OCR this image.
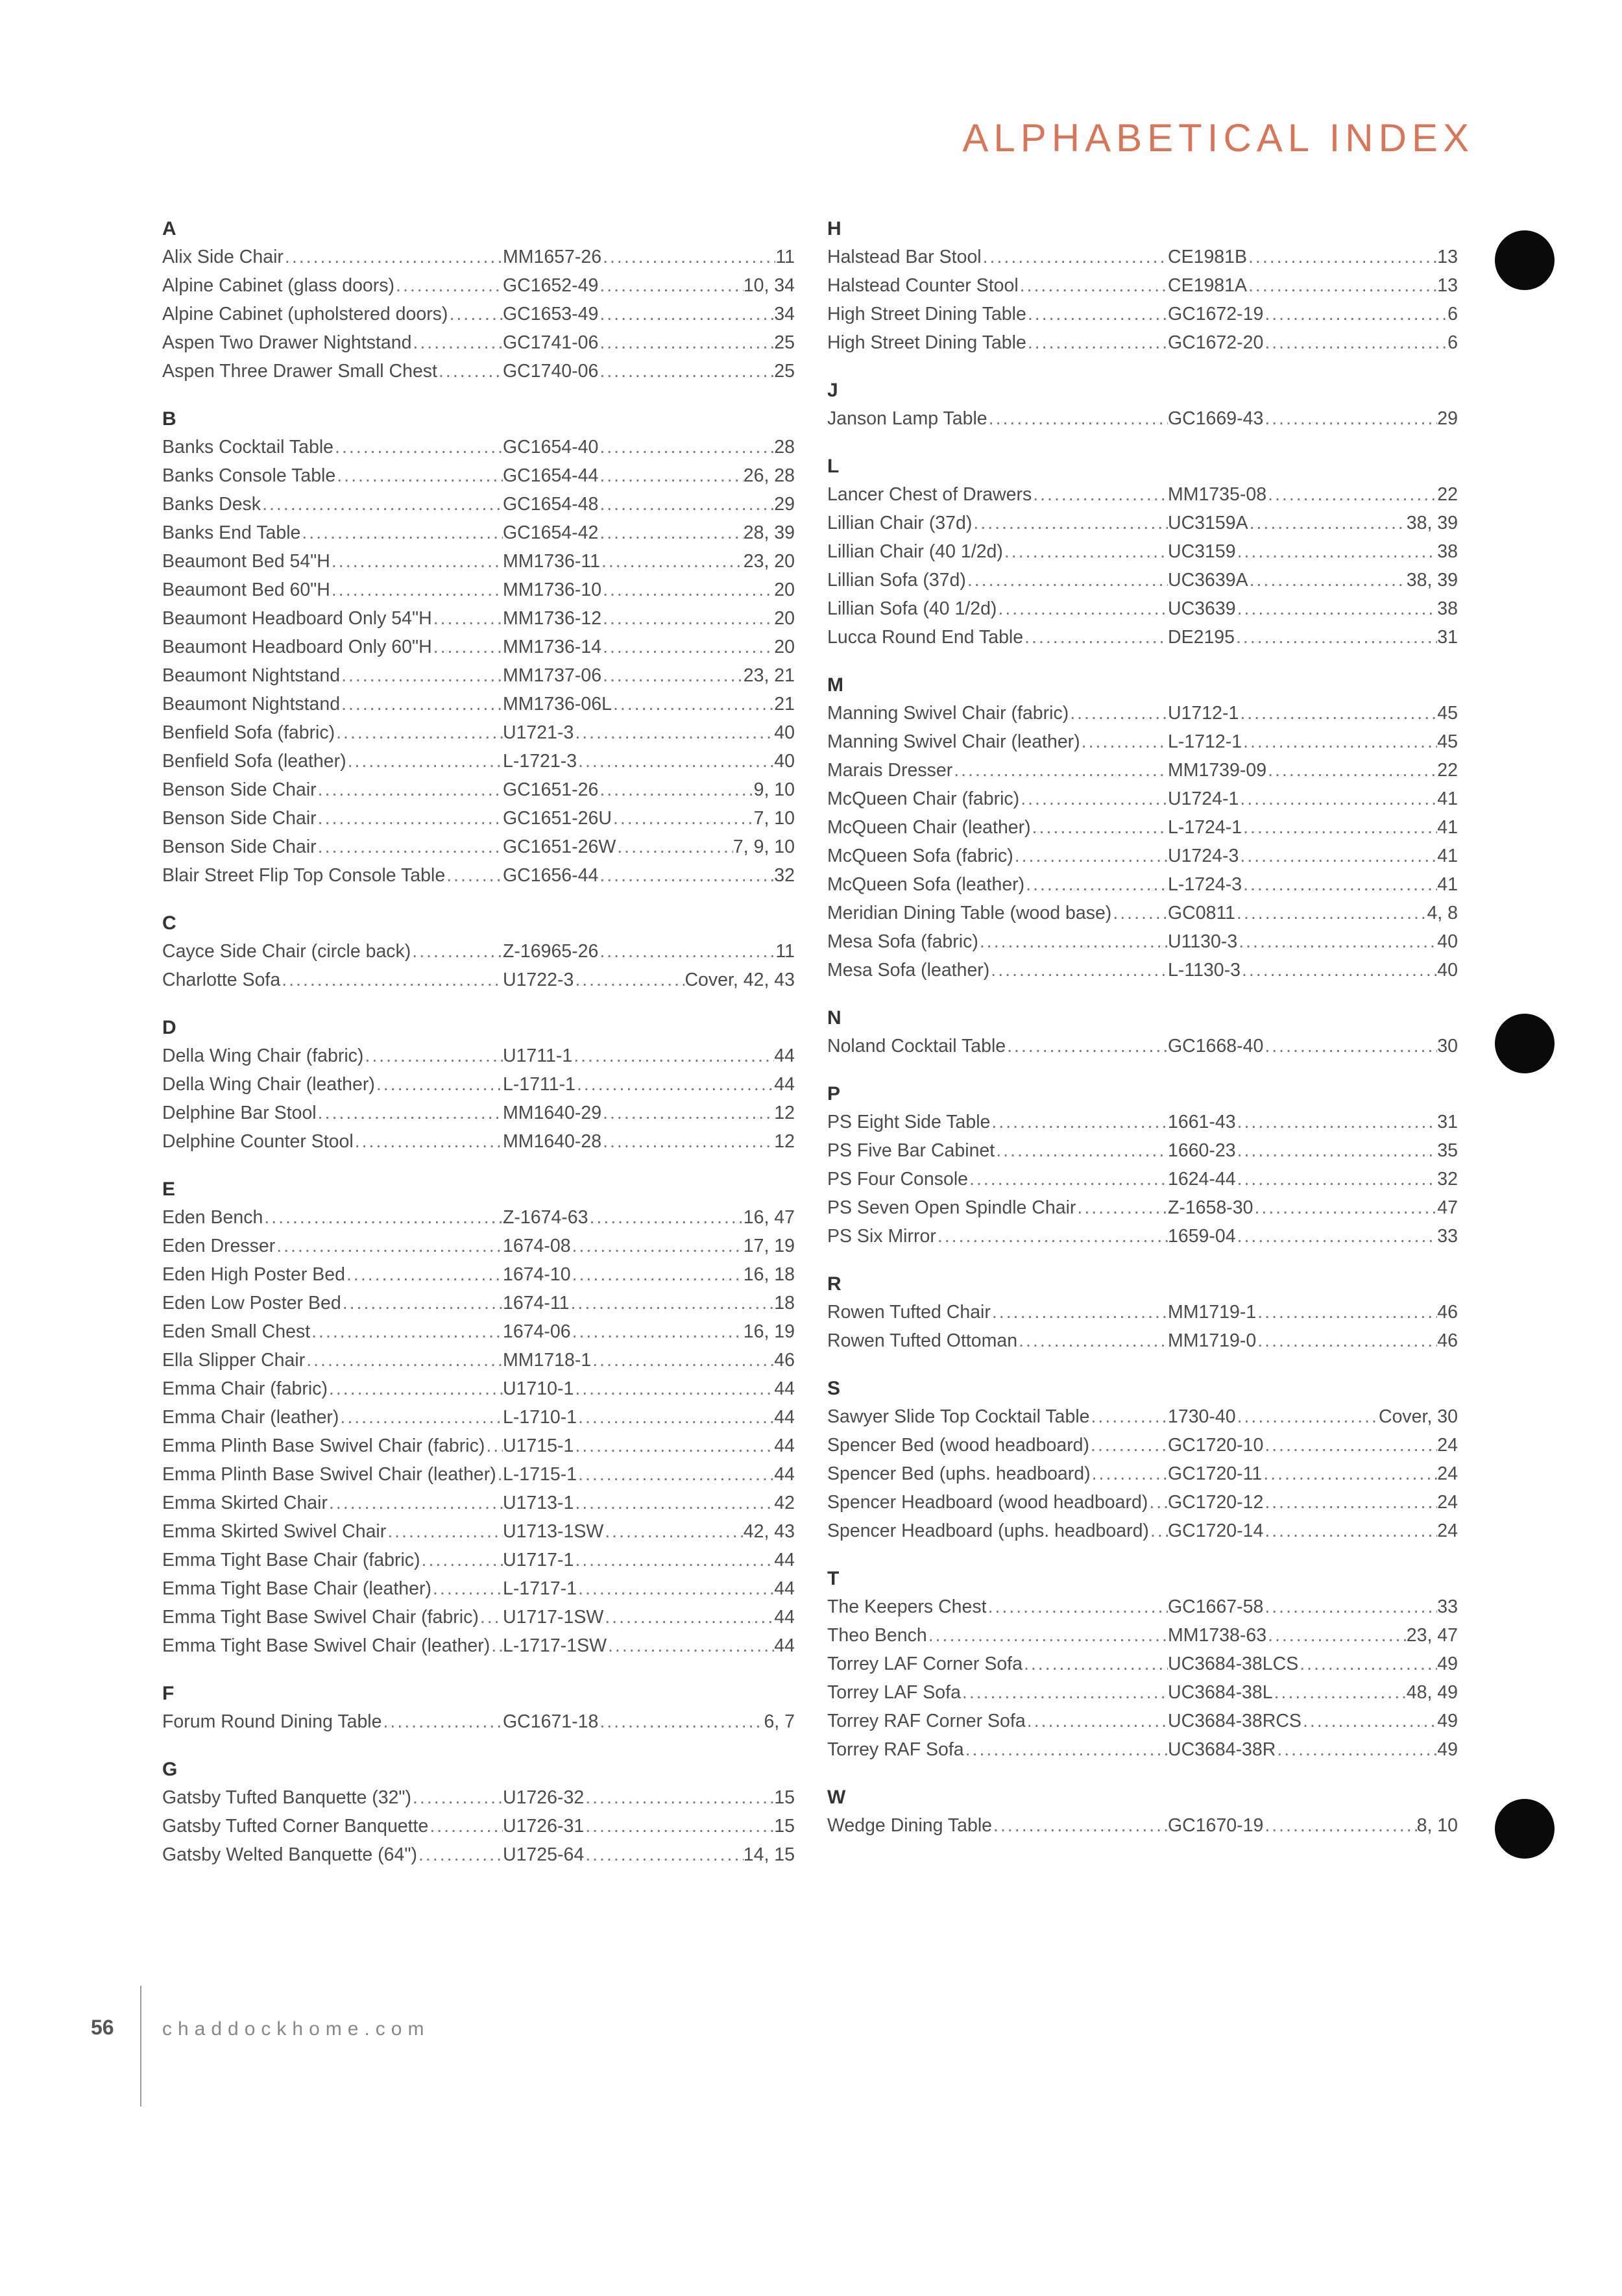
ALPHABETICAL INDEX
A
Alix Side Chair .....	MM1657-26 .....	11
Alpine Cabinet (glass doors) .....	GC1652-49 .....	10, 34
Alpine Cabinet (upholstered doors) .....	GC1653-49 .....	34
Aspen Two Drawer Nightstand .....	GC1741-06 .....	25
Aspen Three Drawer Small Chest .....	GC1740-06 .....	25
B
Banks Cocktail Table .....	GC1654-40 .....	28
Banks Console Table .....	GC1654-44 .....	26, 28
Banks Desk .....	GC1654-48 .....	29
Banks End Table .....	GC1654-42 .....	28, 39
Beaumont Bed 54"H .....	MM1736-11 .....	23, 20
Beaumont Bed 60"H .....	MM1736-10 .....	20
Beaumont Headboard Only 54"H .....	MM1736-12 .....	20
Beaumont Headboard Only 60"H .....	MM1736-14 .....	20
Beaumont Nightstand .....	MM1737-06 .....	23, 21
Beaumont Nightstand .....	MM1736-06L .....	21
Benfield Sofa (fabric) .....	U1721-3 .....	40
Benfield Sofa (leather) .....	L-1721-3 .....	40
Benson Side Chair .....	GC1651-26 .....	9, 10
Benson Side Chair .....	GC1651-26U .....	7, 10
Benson Side Chair .....	GC1651-26W .....	7, 9, 10
Blair Street Flip Top Console Table .....	GC1656-44 .....	32
C
Cayce Side Chair (circle back) .....	Z-16965-26 .....	11
Charlotte Sofa .....	U1722-3 .....	Cover, 42, 43
D
Della Wing Chair (fabric) .....	U1711-1 .....	44
Della Wing Chair (leather) .....	L-1711-1 .....	44
Delphine Bar Stool .....	MM1640-29 .....	12
Delphine Counter Stool .....	MM1640-28 .....	12
E
Eden Bench .....	Z-1674-63 .....	16, 47
Eden Dresser .....	1674-08 .....	17, 19
Eden High Poster Bed .....	1674-10 .....	16, 18
Eden Low Poster Bed .....	1674-11 .....	18
Eden Small Chest .....	1674-06 .....	16, 19
Ella Slipper Chair .....	MM1718-1 .....	46
Emma Chair (fabric) .....	U1710-1 .....	44
Emma Chair (leather) .....	L-1710-1 .....	44
Emma Plinth Base Swivel Chair (fabric) ..... U1715-1 .....	44
Emma Plinth Base Swivel Chair (leather) ..... L-1715-1 .....	44
Emma Skirted Chair .....	U1713-1 .....	42
Emma Skirted Swivel Chair .....	U1713-1SW .....	42, 43
Emma Tight Base Chair (fabric) .....	U1717-1 .....	44
Emma Tight Base Chair (leather) .....	L-1717-1 .....	44
Emma Tight Base Swivel Chair (fabric) ..... U1717-1SW .....	44
Emma Tight Base Swivel Chair (leather) ..... L-1717-1SW .....	44
F
Forum Round Dining Table .....	GC1671-18 .....	6, 7
G
Gatsby Tufted Banquette (32") .....	U1726-32 .....	15
Gatsby Tufted Corner Banquette .....	U1726-31 .....	15
Gatsby Welted Banquette (64") .....	U1725-64 .....	14, 15
H
Halstead Bar Stool .....	CE1981B .....	13
Halstead Counter Stool .....	CE1981A .....	13
High Street Dining Table .....	GC1672-19 .....	6
High Street Dining Table .....	GC1672-20 .....	6
J
Janson Lamp Table .....	GC1669-43 .....	29
L
Lancer Chest of Drawers .....	MM1735-08 .....	22
Lillian Chair (37d) .....	UC3159A .....	38, 39
Lillian Chair (40 1/2d) .....	UC3159 .....	38
Lillian Sofa (37d) .....	UC3639A .....	38, 39
Lillian Sofa (40 1/2d) .....	UC3639 .....	38
Lucca Round End Table .....	DE2195 .....	31
M
Manning Swivel Chair (fabric) .....	U1712-1 .....	45
Manning Swivel Chair (leather) .....	L-1712-1 .....	45
Marais Dresser .....	MM1739-09 .....	22
McQueen Chair (fabric) .....	U1724-1 .....	41
McQueen Chair (leather) .....	L-1724-1 .....	41
McQueen Sofa (fabric) .....	U1724-3 .....	41
McQueen Sofa (leather) .....	L-1724-3 .....	41
Meridian Dining Table (wood base) .....	GC0811 .....	4, 8
Mesa Sofa (fabric) .....	U1130-3 .....	40
Mesa Sofa (leather) .....	L-1130-3 .....	40
N
Noland Cocktail Table .....	GC1668-40 .....	30
P
PS Eight Side Table .....	1661-43 .....	31
PS Five Bar Cabinet .....	1660-23 .....	35
PS Four Console .....	1624-44 .....	32
PS Seven Open Spindle Chair .....	Z-1658-30 .....	47
PS Six Mirror .....	1659-04 .....	33
R
Rowen Tufted Chair .....	MM1719-1 .....	46
Rowen Tufted Ottoman .....	MM1719-0 .....	46
S
Sawyer Slide Top Cocktail Table .....	1730-40 .....	Cover, 30
Spencer Bed (wood headboard) .....	GC1720-10 .....	24
Spencer Bed (uphs. headboard) .....	GC1720-11 .....	24
Spencer Headboard (wood headboard) ..... GC1720-12 .....	24
Spencer Headboard (uphs. headboard) ..... GC1720-14 .....	24
T
The Keepers Chest .....	GC1667-58 .....	33
Theo Bench .....	MM1738-63 .....	23, 47
Torrey LAF Corner Sofa .....	UC3684-38LCS .....	49
Torrey LAF Sofa .....	UC3684-38L .....	48, 49
Torrey RAF Corner Sofa .....	UC3684-38RCS .....	49
Torrey RAF Sofa .....	UC3684-38R .....	49
W
Wedge Dining Table .....	GC1670-19 .....	8, 10
56 chaddockhome.com
